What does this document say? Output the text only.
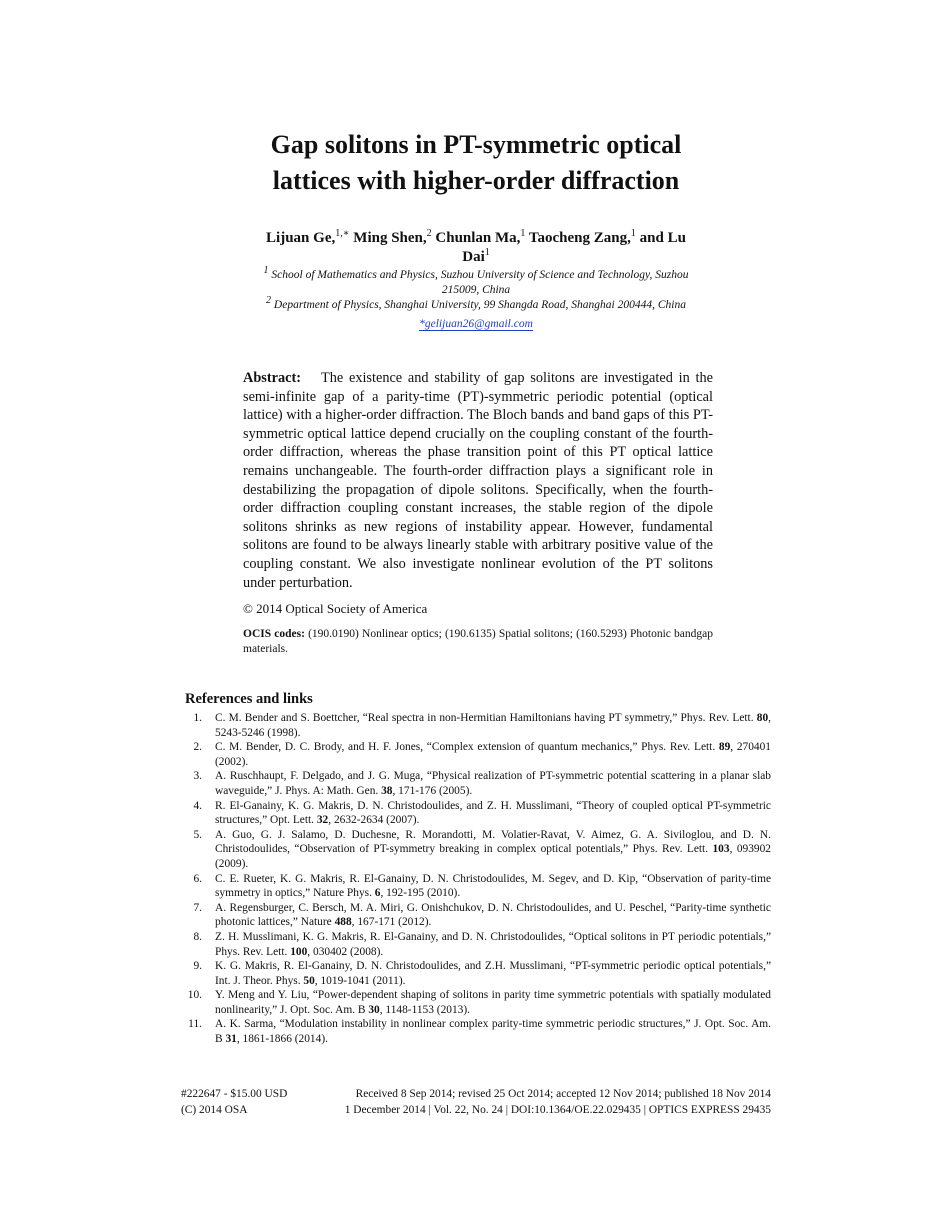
Gap solitons in PT-symmetric optical
lattices with higher-order diffraction
Lijuan Ge,$^{1,∗}$ Ming Shen,$^2$ Chunlan Ma,$^1$ Taocheng Zang,$^1$ and Lu
Dai$^1$
$^1$ School of Mathematics and Physics, Suzhou University of Science and Technology, Suzhou
215009, China
$^2$ Department of Physics, Shanghai University, 99 Shangda Road, Shanghai 200444, China
*gelijuan26@gmail.com
Abstract: The existence and stability of gap solitons are investigated in the semi-infinite gap of a parity-time (PT)-symmetric periodic potential (optical lattice) with a higher-order diffraction. The Bloch bands and band gaps of this PT-symmetric optical lattice depend crucially on the coupling constant of the fourth-order diffraction, whereas the phase transition point of this PT optical lattice remains unchangeable. The fourth-order diffraction plays a significant role in destabilizing the propagation of dipole solitons. Specifically, when the fourth-order diffraction coupling constant increases, the stable region of the dipole solitons shrinks as new regions of instability appear. However, fundamental solitons are found to be always linearly stable with arbitrary positive value of the coupling constant. We also investigate nonlinear evolution of the PT solitons under perturbation.
© 2014 Optical Society of America
OCIS codes: (190.0190) Nonlinear optics; (190.6135) Spatial solitons; (160.5293) Photonic bandgap materials.
References and links
1.	C. M. Bender and S. Boettcher, “Real spectra in non-Hermitian Hamiltonians having PT symmetry,” Phys. Rev. Lett. 80, 5243-5246 (1998).
2.	C. M. Bender, D. C. Brody, and H. F. Jones, “Complex extension of quantum mechanics,” Phys. Rev. Lett. 89, 270401 (2002).
3.	A. Ruschhaupt, F. Delgado, and J. G. Muga, “Physical realization of PT-symmetric potential scattering in a planar slab waveguide,” J. Phys. A: Math. Gen. 38, 171-176 (2005).
4.	R. El-Ganainy, K. G. Makris, D. N. Christodoulides, and Z. H. Musslimani, “Theory of coupled optical PT-symmetric structures,” Opt. Lett. 32, 2632-2634 (2007).
5.	A. Guo, G. J. Salamo, D. Duchesne, R. Morandotti, M. Volatier-Ravat, V. Aimez, G. A. Siviloglou, and D. N. Christodoulides, “Observation of PT-symmetry breaking in complex optical potentials,” Phys. Rev. Lett. 103, 093902 (2009).
6.	C. E. Rueter, K. G. Makris, R. El-Ganainy, D. N. Christodoulides, M. Segev, and D. Kip, “Observation of parity-time symmetry in optics,” Nature Phys. 6, 192-195 (2010).
7.	A. Regensburger, C. Bersch, M. A. Miri, G. Onishchukov, D. N. Christodoulides, and U. Peschel, “Parity-time synthetic photonic lattices,” Nature 488, 167-171 (2012).
8.	Z. H. Musslimani, K. G. Makris, R. El-Ganainy, and D. N. Christodoulides, “Optical solitons in PT periodic potentials,” Phys. Rev. Lett. 100, 030402 (2008).
9.	K. G. Makris, R. El-Ganainy, D. N. Christodoulides, and Z.H. Musslimani, “PT-symmetric periodic optical potentials,” Int. J. Theor. Phys. 50, 1019-1041 (2011).
10.	Y. Meng and Y. Liu, “Power-dependent shaping of solitons in parity time symmetric potentials with spatially modulated nonlinearity,” J. Opt. Soc. Am. B 30, 1148-1153 (2013).
11.	A. K. Sarma, “Modulation instability in nonlinear complex parity-time symmetric periodic structures,” J. Opt. Soc. Am. B 31, 1861-1866 (2014).
#222647 - $15.00 USD	Received 8 Sep 2014; revised 25 Oct 2014; accepted 12 Nov 2014; published 18 Nov 2014
(C) 2014 OSA	1 December 2014 | Vol. 22, No. 24 | DOI:10.1364/OE.22.029435 | OPTICS EXPRESS 29435
